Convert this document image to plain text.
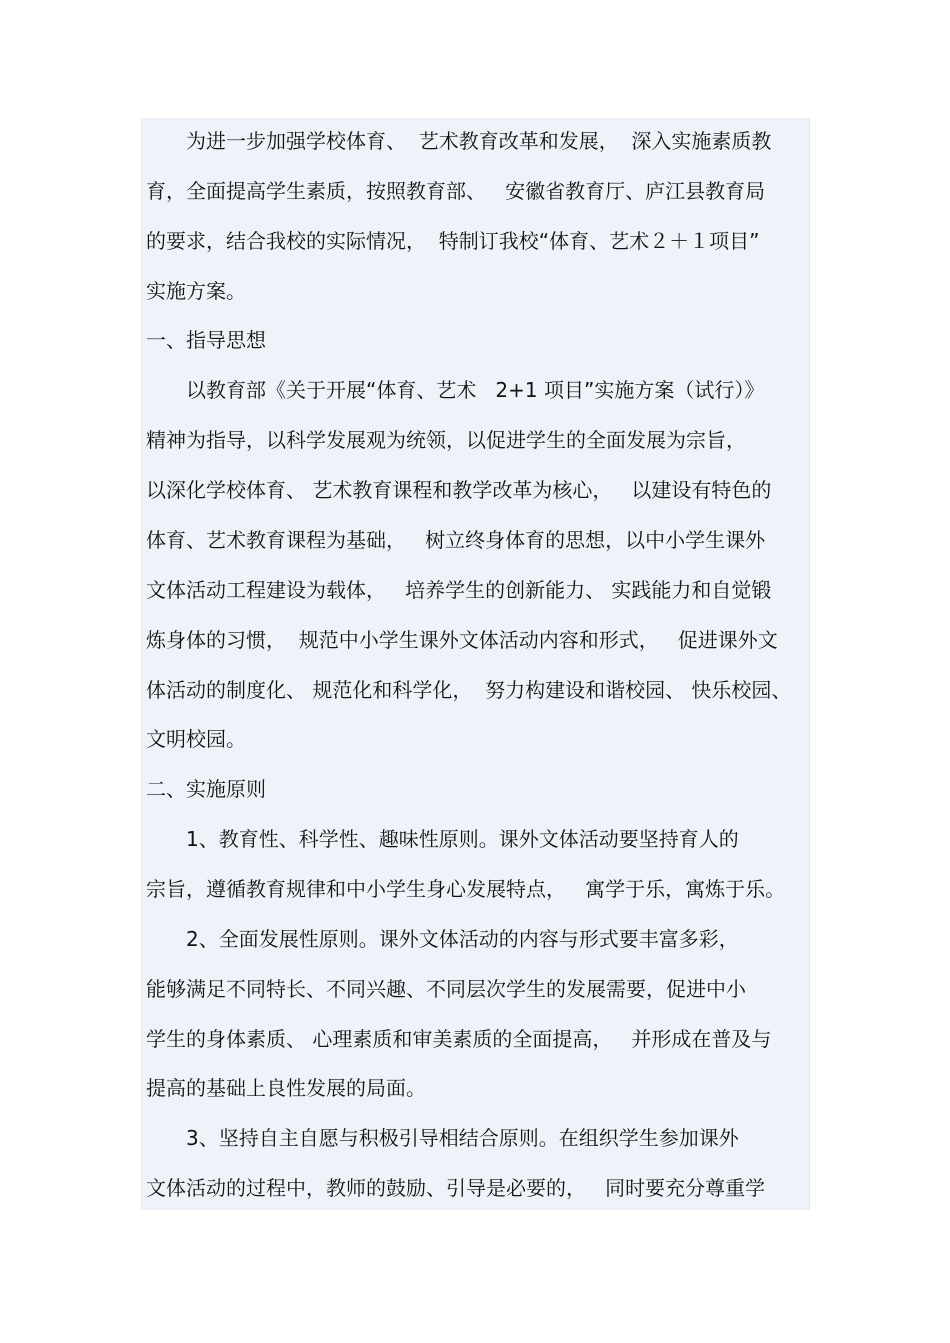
为进一步加强学校体育、  艺术教育改革和发展，  深入实施素质教
育，全面提高学生素质，按照教育部、   安徽省教育厅、庐江县教育局
的要求，结合我校的实际情况，  特制订我校“体育、艺术２＋１项目”
实施方案。
一、指导思想
以教育部《关于开展“体育、艺术   2+1 项目”实施方案（试行）》
精神为指导，以科学发展观为统领，以促进学生的全面发展为宗旨，
以深化学校体育、 艺术教育课程和教学改革为核心，   以建设有特色的
体育、艺术教育课程为基础，   树立终身体育的思想，以中小学生课外
文体活动工程建设为载体，   培养学生的创新能力、 实践能力和自觉锻
炼身体的习惯，  规范中小学生课外文体活动内容和形式，   促进课外文
体活动的制度化、 规范化和科学化，  努力构建设和谐校园、 快乐校园、
文明校园。
二、实施原则
1、教育性、科学性、趣味性原则。课外文体活动要坚持育人的
宗旨，遵循教育规律和中小学生身心发展特点，   寓学于乐，寓炼于乐。
2、全面发展性原则。课外文体活动的内容与形式要丰富多彩，
能够满足不同特长、不同兴趣、不同层次学生的发展需要，促进中小
学生的身体素质、 心理素质和审美素质的全面提高，   并形成在普及与
提高的基础上良性发展的局面。
3、坚持自主自愿与积极引导相结合原则。在组织学生参加课外
文体活动的过程中，教师的鼓励、引导是必要的，   同时要充分尊重学
